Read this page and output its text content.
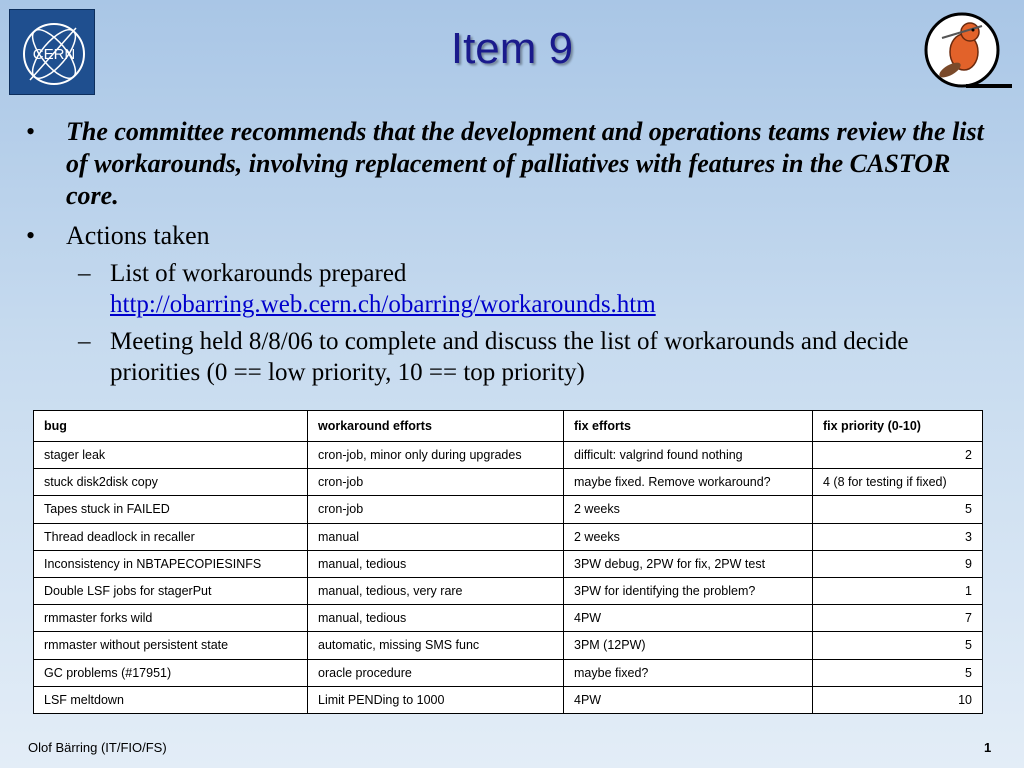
CERN	Item 9
• The committee recommends that the development and operations teams review the list of workarounds, involving replacement of palliatives with features in the CASTOR core.
• Actions taken
– List of workarounds prepared
http://obarring.web.cern.ch/obarring/workarounds.htm
– Meeting held 8/8/06 to complete and discuss the list of workarounds and decide priorities (0 == low priority, 10 == top priority)
bug	workaround efforts	fix efforts	fix priority (0-10)
stager leak	cron-job, minor only during upgrades	difficult: valgrind found nothing	2
stuck disk2disk copy	cron-job	maybe fixed. Remove workaround?	4 (8 for testing if fixed)
Tapes stuck in FAILED	cron-job	2 weeks	5
Thread deadlock in recaller	manual	2 weeks	3
Inconsistency in NBTAPECOPIESINFS	manual, tedious	3PW debug, 2PW for fix, 2PW test	9
Double LSF jobs for stagerPut	manual, tedious, very rare	3PW for identifying the problem?	1
rmmaster forks wild	manual, tedious	4PW	7
rmmaster without persistent state	automatic, missing SMS func	3PM (12PW)	5
GC problems (#17951)	oracle procedure	maybe fixed?	5
LSF meltdown	Limit PENDing to 1000	4PW	10
Olof Bärring (IT/FIO/FS)	1
